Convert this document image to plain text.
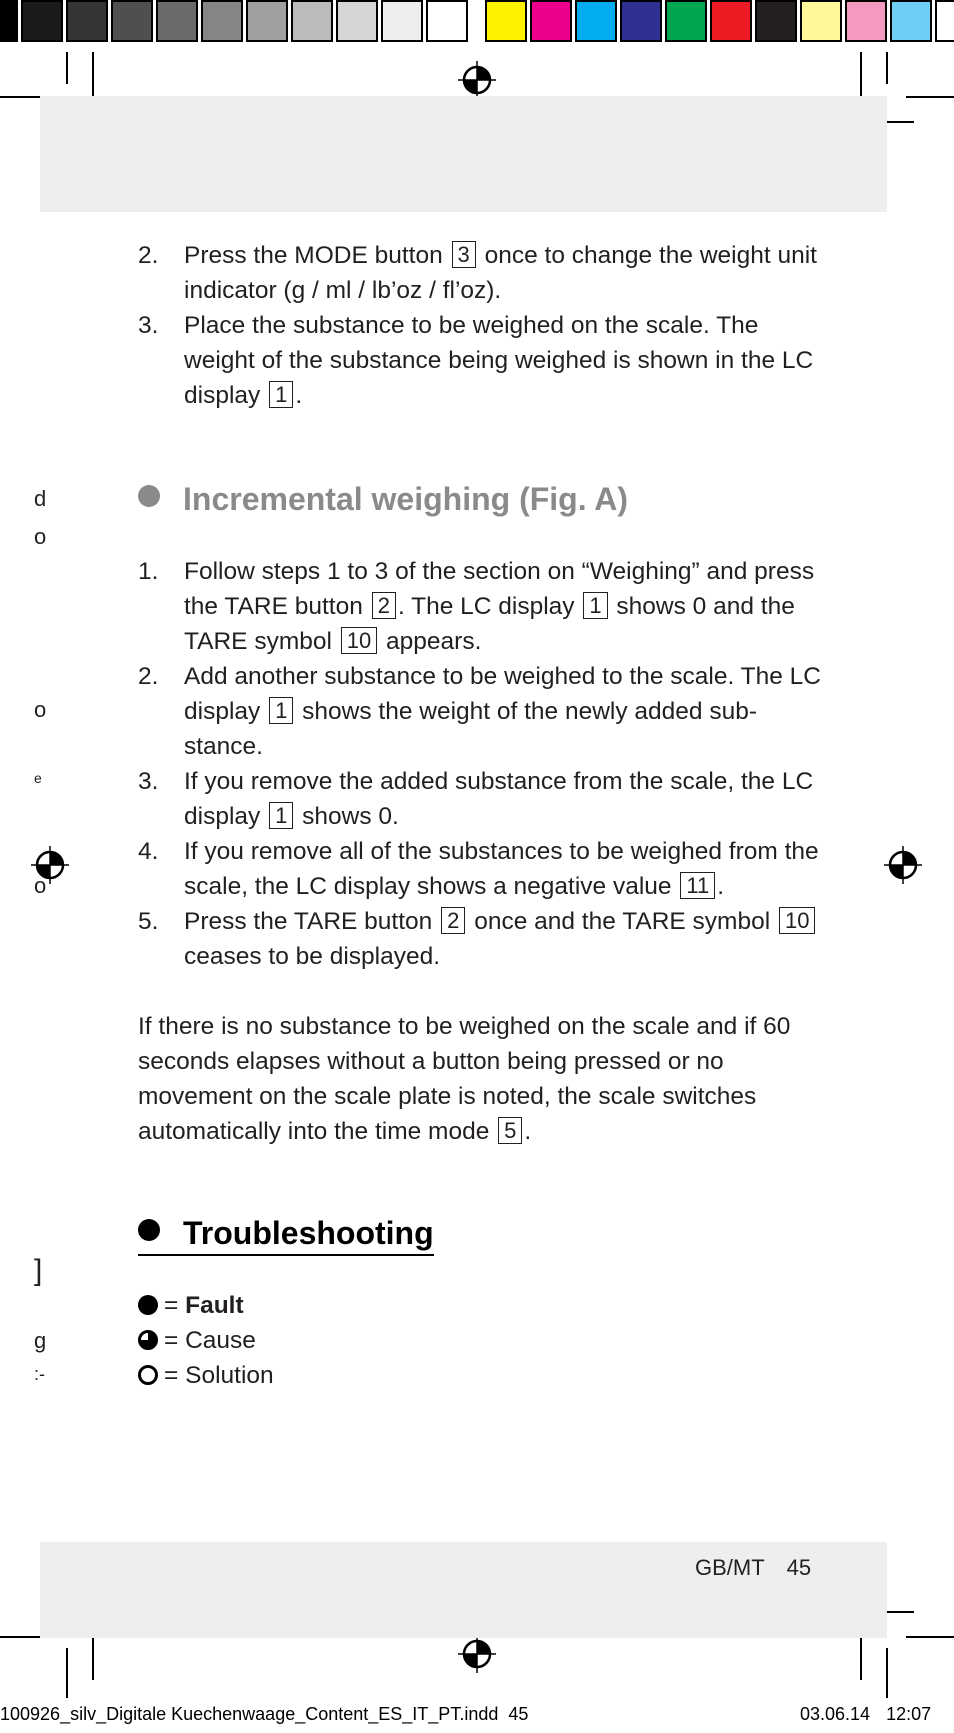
2. Press the MODE button 3 once to change the weight unit indicator (g / ml / lb’oz / fl’oz).
3. Place the substance to be weighed on the scale. The weight of the substance being weighed is shown in the LC display 1 .
Incremental weighing (Fig. A)
1. Follow steps 1 to 3 of the section on “Weighing” and press the TARE button 2 . The LC display 1 shows 0 and the TARE symbol 10 appears.
2. Add another substance to be weighed to the scale. The LC display 1 shows the weight of the newly added sub-stance.
3. If you remove the added substance from the scale, the LC display 1 shows 0.
4. If you remove all of the substances to be weighed from the scale, the LC display shows a negative value 11 .
5. Press the TARE button 2 once and the TARE symbol 10 ceases to be displayed.
If there is no substance to be weighed on the scale and if 60 seconds elapses without a button being pressed or no movement on the scale plate is noted, the scale switches automatically into the time mode 5 .
Troubleshooting
= Fault
= Cause
= Solution
d
o
o
e
o
]
g
:-
GB/MT 45
100926_silv_Digitale Kuechenwaage_Content_ES_IT_PT.indd 45	03.06.14 12:07
